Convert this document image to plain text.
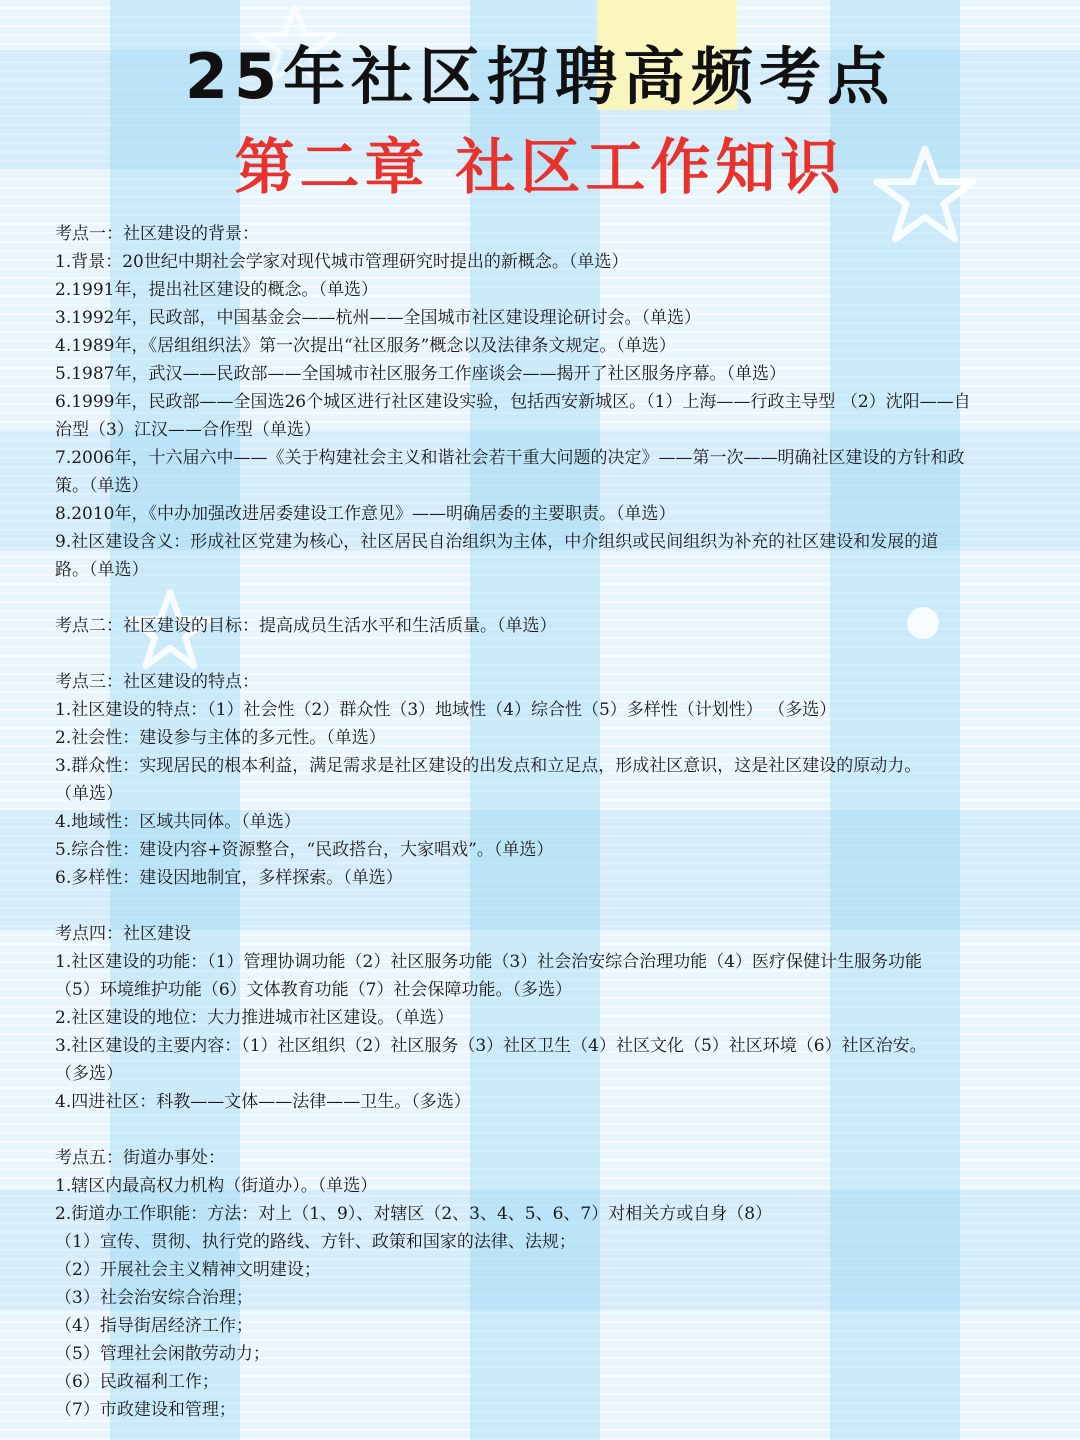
25年社区招聘高频考点
第二章 社区工作知识

考点一：社区建设的背景：

1.背景：20世纪中期社会学家对现代城市管理研究时提出的新概念。（单选）

2.1991年，提出社区建设的概念。（单选）

3.1992年，民政部，中国基金会——杭州——全国城市社区建设理论研讨会。（单选）

4.1989年，《居组组织法》第一次提出“社区服务”概念以及法律条文规定。（单选）

5.1987年，武汉——民政部——全国城市社区服务工作座谈会——揭开了社区服务序幕。（单选）

6.1999年，民政部——全国选26个城区进行社区建设实验，包括西安新城区。（1）上海——行政主导型 （2）沈阳——自

治型（3）江汉——合作型（单选）

7.2006年，十六届六中——《关于构建社会主义和谐社会若干重大问题的决定》——第一次——明确社区建设的方针和政

策。（单选）

8.2010年，《中办加强改进居委建设工作意见》——明确居委的主要职责。（单选）

9.社区建设含义：形成社区党建为核心，社区居民自治组织为主体，中介组织或民间组织为补充的社区建设和发展的道

路。（单选）

考点二：社区建设的目标：提高成员生活水平和生活质量。（单选）

考点三：社区建设的特点：

1.社区建设的特点：（1）社会性（2）群众性（3）地域性（4）综合性（5）多样性（计划性） （多选）

2.社会性：建设参与主体的多元性。（单选）

3.群众性：实现居民的根本利益，满足需求是社区建设的出发点和立足点，形成社区意识，这是社区建设的原动力。

（单选）

4.地域性：区域共同体。（单选）

5.综合性：建设内容+资源整合，“民政搭台，大家唱戏”。（单选）

6.多样性：建设因地制宜，多样探索。（单选）

考点四：社区建设

1.社区建设的功能：（1）管理协调功能（2）社区服务功能（3）社会治安综合治理功能（4）医疗保健计生服务功能

（5）环境维护功能（6）文体教育功能（7）社会保障功能。（多选）

2.社区建设的地位：大力推进城市社区建设。（单选）

3.社区建设的主要内容：（1）社区组织（2）社区服务（3）社区卫生（4）社区文化（5）社区环境（6）社区治安。

（多选）

4.四进社区：科教——文体——法律——卫生。（多选）

考点五：街道办事处：

1.辖区内最高权力机构（街道办）。（单选）

2.街道办工作职能：方法：对上（1、9）、对辖区（2、3、4、5、6、7）对相关方或自身（8）

（1）宣传、贯彻、执行党的路线、方针、政策和国家的法律、法规；

（2）开展社会主义精神文明建设；

（3）社会治安综合治理；

（4）指导街居经济工作；

（5）管理社会闲散劳动力；

（6）民政福利工作；

（7）市政建设和管理；
